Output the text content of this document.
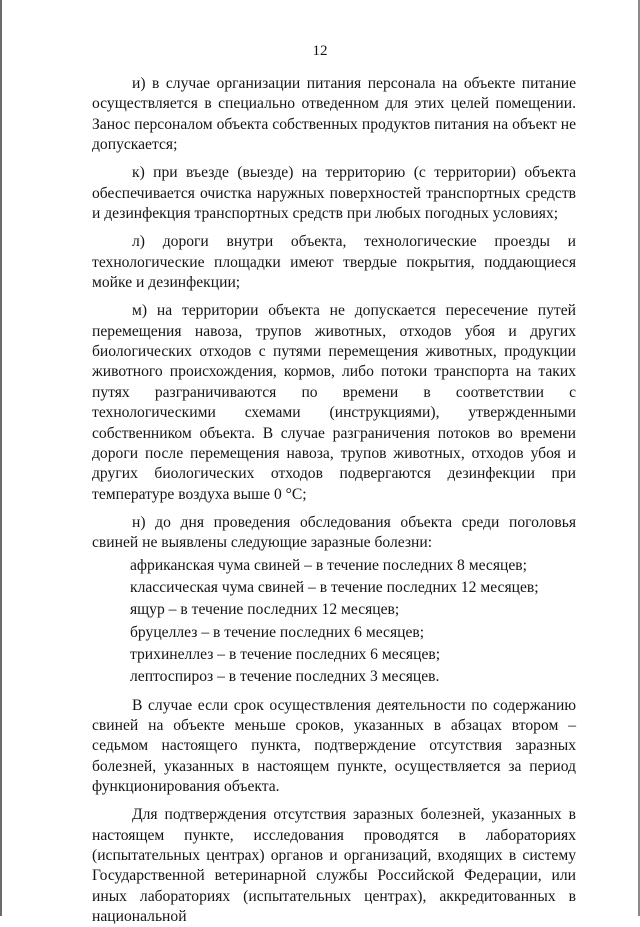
12

и) в случае организации питания персонала на объекте питание осуществляется в специально отведенном для этих целей помещении. Занос персоналом объекта собственных продуктов питания на объект не допускается;

к) при въезде (выезде) на территорию (с территории) объекта обеспечивается очистка наружных поверхностей транспортных средств и дезинфекция транспортных средств при любых погодных условиях;

л) дороги внутри объекта, технологические проезды и технологические площадки имеют твердые покрытия, поддающиеся мойке и дезинфекции;

м) на территории объекта не допускается пересечение путей перемещения навоза, трупов животных, отходов убоя и других биологических отходов с путями перемещения животных, продукции животного происхождения, кормов, либо потоки транспорта на таких путях разграничиваются по времени в соответствии с технологическими схемами (инструкциями), утвержденными собственником объекта. В случае разграничения потоков во времени дороги после перемещения навоза, трупов животных, отходов убоя и других биологических отходов подвергаются дезинфекции при температуре воздуха выше 0 °С;

н) до дня проведения обследования объекта среди поголовья свиней не выявлены следующие заразные болезни:

африканская чума свиней – в течение последних 8 месяцев;

классическая чума свиней – в течение последних 12 месяцев;

ящур – в течение последних 12 месяцев;

бруцеллез – в течение последних 6 месяцев;

трихинеллез – в течение последних 6 месяцев;

лептоспироз – в течение последних 3 месяцев.

В случае если срок осуществления деятельности по содержанию свиней на объекте меньше сроков, указанных в абзацах втором – седьмом настоящего пункта, подтверждение отсутствия заразных болезней, указанных в настоящем пункте, осуществляется за период функционирования объекта.

Для подтверждения отсутствия заразных болезней, указанных в настоящем пункте, исследования проводятся в лабораториях (испытательных центрах) органов и организаций, входящих в систему Государственной ветеринарной службы Российской Федерации, или иных лабораториях (испытательных центрах), аккредитованных в национальной
